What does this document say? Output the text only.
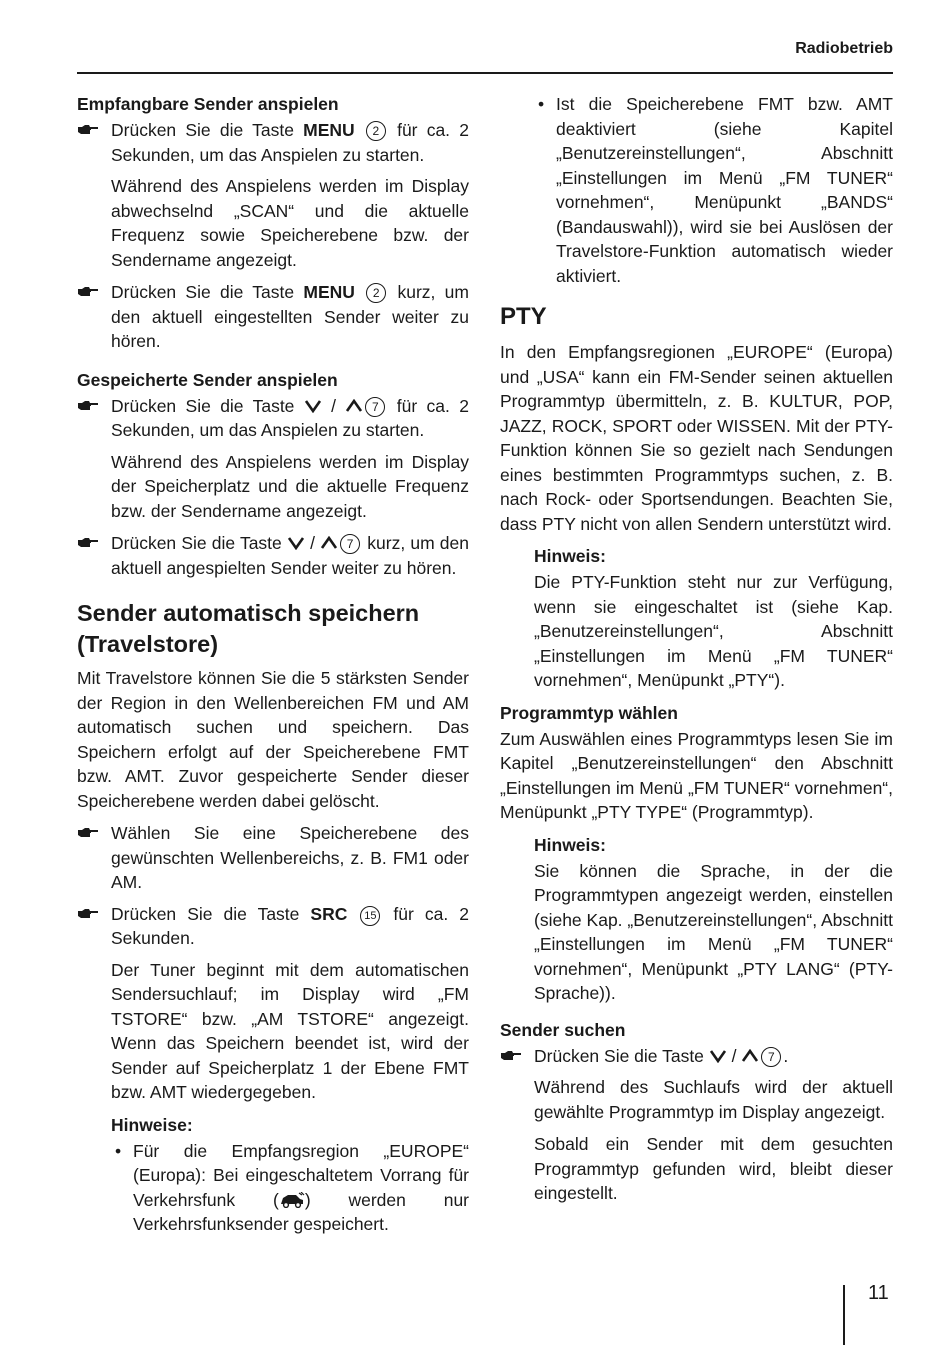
Radiobetrieb
Empfangbare Sender anspielen
Drücken Sie die Taste MENU 2 für ca. 2 Sekunden, um das Anspielen zu starten.
Während des Anspielens werden im Display abwechselnd „SCAN“ und die aktuelle Frequenz sowie Speicherebene bzw. der Sendername angezeigt.
Drücken Sie die Taste MENU 2 kurz, um den aktuell eingestellten Sender weiter zu hören.
Gespeicherte Sender anspielen
Drücken Sie die Taste  / 7 für ca. 2 Sekunden, um das Anspielen zu starten.
Während des Anspielens werden im Display der Speicherplatz und die aktuelle Frequenz bzw. der Sendername angezeigt.
Drücken Sie die Taste  / 7 kurz, um den aktuell angespielten Sender weiter zu hören.
Sender automatisch speichern (Travelstore)
Mit Travelstore können Sie die 5 stärksten Sender der Region in den Wellenbereichen FM und AM automatisch suchen und speichern. Das Speichern erfolgt auf der Speicherebene FMT bzw. AMT. Zuvor gespeicherte Sender dieser Speicherebene werden dabei gelöscht.
Wählen Sie eine Speicherebene des gewünschten Wellenbereichs, z. B. FM1 oder AM.
Drücken Sie die Taste SRC 15 für ca. 2 Sekunden.
Der Tuner beginnt mit dem automatischen Sendersuchlauf; im Display wird „FM TSTORE“ bzw. „AM TSTORE“ angezeigt. Wenn das Speichern beendet ist, wird der Sender auf Speicherplatz 1 der Ebene FMT bzw. AMT wiedergegeben.
Hinweise:
• Für die Empfangsregion „EUROPE“ (Europa): Bei eingeschaltetem Vorrang für Verkehrsfunk ( ) werden nur Verkehrsfunksender gespeichert.
• Ist die Speicherebene FMT bzw. AMT deaktiviert (siehe Kapitel „Benutzereinstellungen“, Abschnitt „Einstellungen im Menü „FM TUNER“ vornehmen“, Menüpunkt „BANDS“ (Bandauswahl)), wird sie bei Auslösen der Travelstore-Funktion automatisch wieder aktiviert.
PTY
In den Empfangsregionen „EUROPE“ (Europa) und „USA“ kann ein FM-Sender seinen aktuellen Programmtyp übermitteln, z. B. KULTUR, POP, JAZZ, ROCK, SPORT oder WISSEN. Mit der PTY-Funktion können Sie so gezielt nach Sendungen eines bestimmten Programmtyps suchen, z. B. nach Rock- oder Sportsendungen. Beachten Sie, dass PTY nicht von allen Sendern unterstützt wird.
Hinweis:
Die PTY-Funktion steht nur zur Verfügung, wenn sie eingeschaltet ist (siehe Kap. „Benutzereinstellungen“, Abschnitt „Einstellungen im Menü „FM TUNER“ vornehmen“, Menüpunkt „PTY“).
Programmtyp wählen
Zum Auswählen eines Programmtyps lesen Sie im Kapitel „Benutzereinstellungen“ den Abschnitt „Einstellungen im Menü „FM TUNER“ vornehmen“, Menüpunkt „PTY TYPE“ (Programmtyp).
Hinweis:
Sie können die Sprache, in der die Programmtypen angezeigt werden, einstellen (siehe Kap. „Benutzereinstellungen“, Abschnitt „Einstellungen im Menü „FM TUNER“ vornehmen“, Menüpunkt „PTY LANG“ (PTY-Sprache)).
Sender suchen
Drücken Sie die Taste  / 7 .
Während des Suchlaufs wird der aktuell gewählte Programmtyp im Display angezeigt.
Sobald ein Sender mit dem gesuchten Programmtyp gefunden wird, bleibt dieser eingestellt.
11
